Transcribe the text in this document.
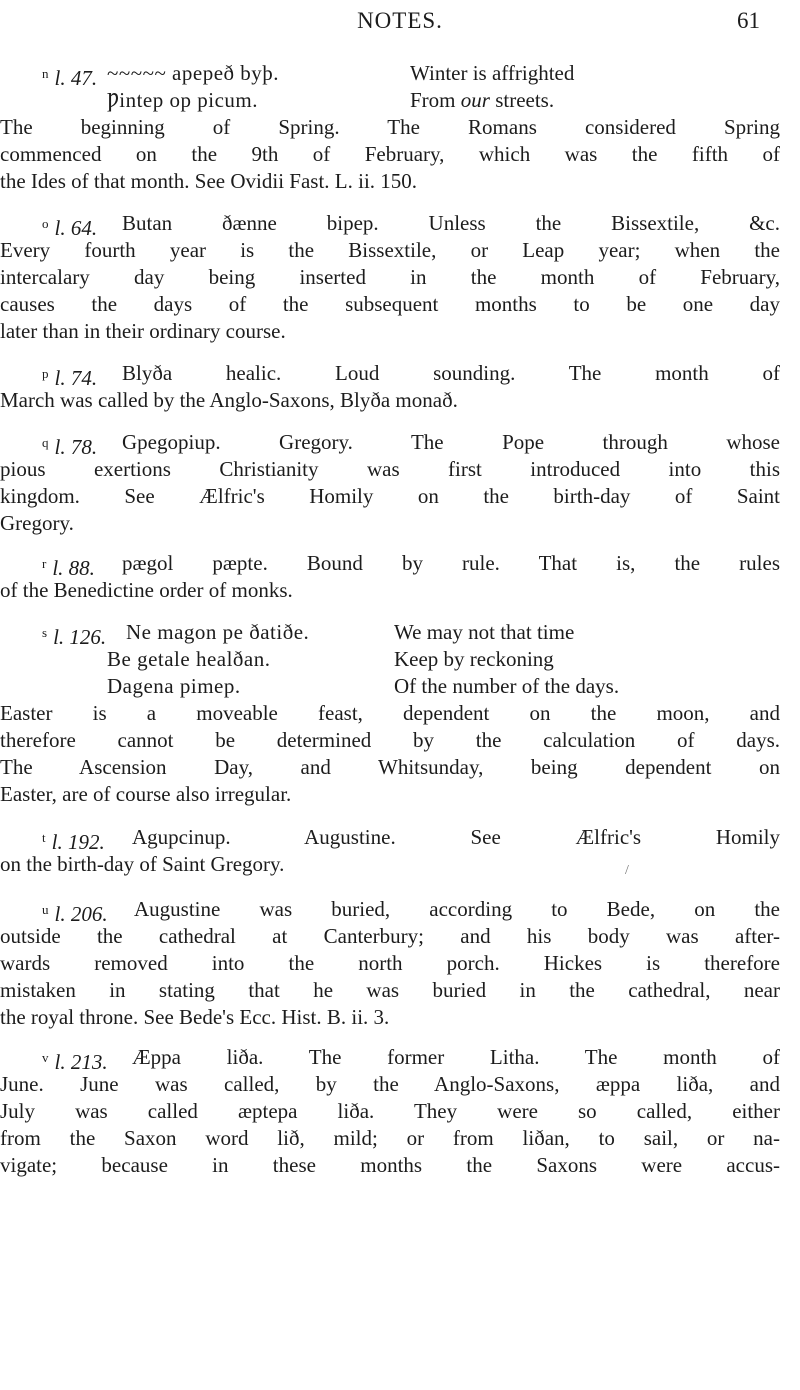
NOTES.	61
$^n$ l. 47. ~~~~~ apepeð byþ.	Winter is affrighted
Ƿintep op picum.	From our streets.
The beginning of Spring. The Romans considered Spring
commenced on the 9th of February, which was the fifth of
the Ides of that month. See Ovidii Fast. L. ii. 150.
$^o$ l. 64. Butan ðænne bipep. Unless the Bissextile, &c.
Every fourth year is the Bissextile, or Leap year; when the
intercalary day being inserted in the month of February,
causes the days of the subsequent months to be one day
later than in their ordinary course.
$^p$ l. 74. Blyða healic. Loud sounding. The month of
March was called by the Anglo-Saxons, Blyða monað.
$^q$ l. 78. Gpegopiup. Gregory. The Pope through whose
pious exertions Christianity was first introduced into this
kingdom. See Ælfric's Homily on the birth-day of Saint
Gregory.
$^r$ l. 88. pægol pæpte. Bound by rule. That is, the rules
of the Benedictine order of monks.
$^s$ l. 126. Ne magon pe ðatiðe.	We may not that time
Be getale healðan.	Keep by reckoning
Dagena pimep.	Of the number of the days.
Easter is a moveable feast, dependent on the moon, and
therefore cannot be determined by the calculation of days.
The Ascension Day, and Whitsunday, being dependent on
Easter, are of course also irregular.
$^t$ l. 192. Agupcinup. Augustine. See Ælfric's Homily
on the birth-day of Saint Gregory.	/
$^u$ l. 206. Augustine was buried, according to Bede, on the
outside the cathedral at Canterbury; and his body was after-
wards removed into the north porch. Hickes is therefore
mistaken in stating that he was buried in the cathedral, near
the royal throne. See Bede's Ecc. Hist. B. ii. 3.
$^v$ l. 213. Æppa liða. The former Litha. The month of
June. June was called, by the Anglo-Saxons, æppa liða, and
July was called æptepa liða. They were so called, either
from the Saxon word lið, mild; or from liðan, to sail, or na-
vigate; because in these months the Saxons were accus-
